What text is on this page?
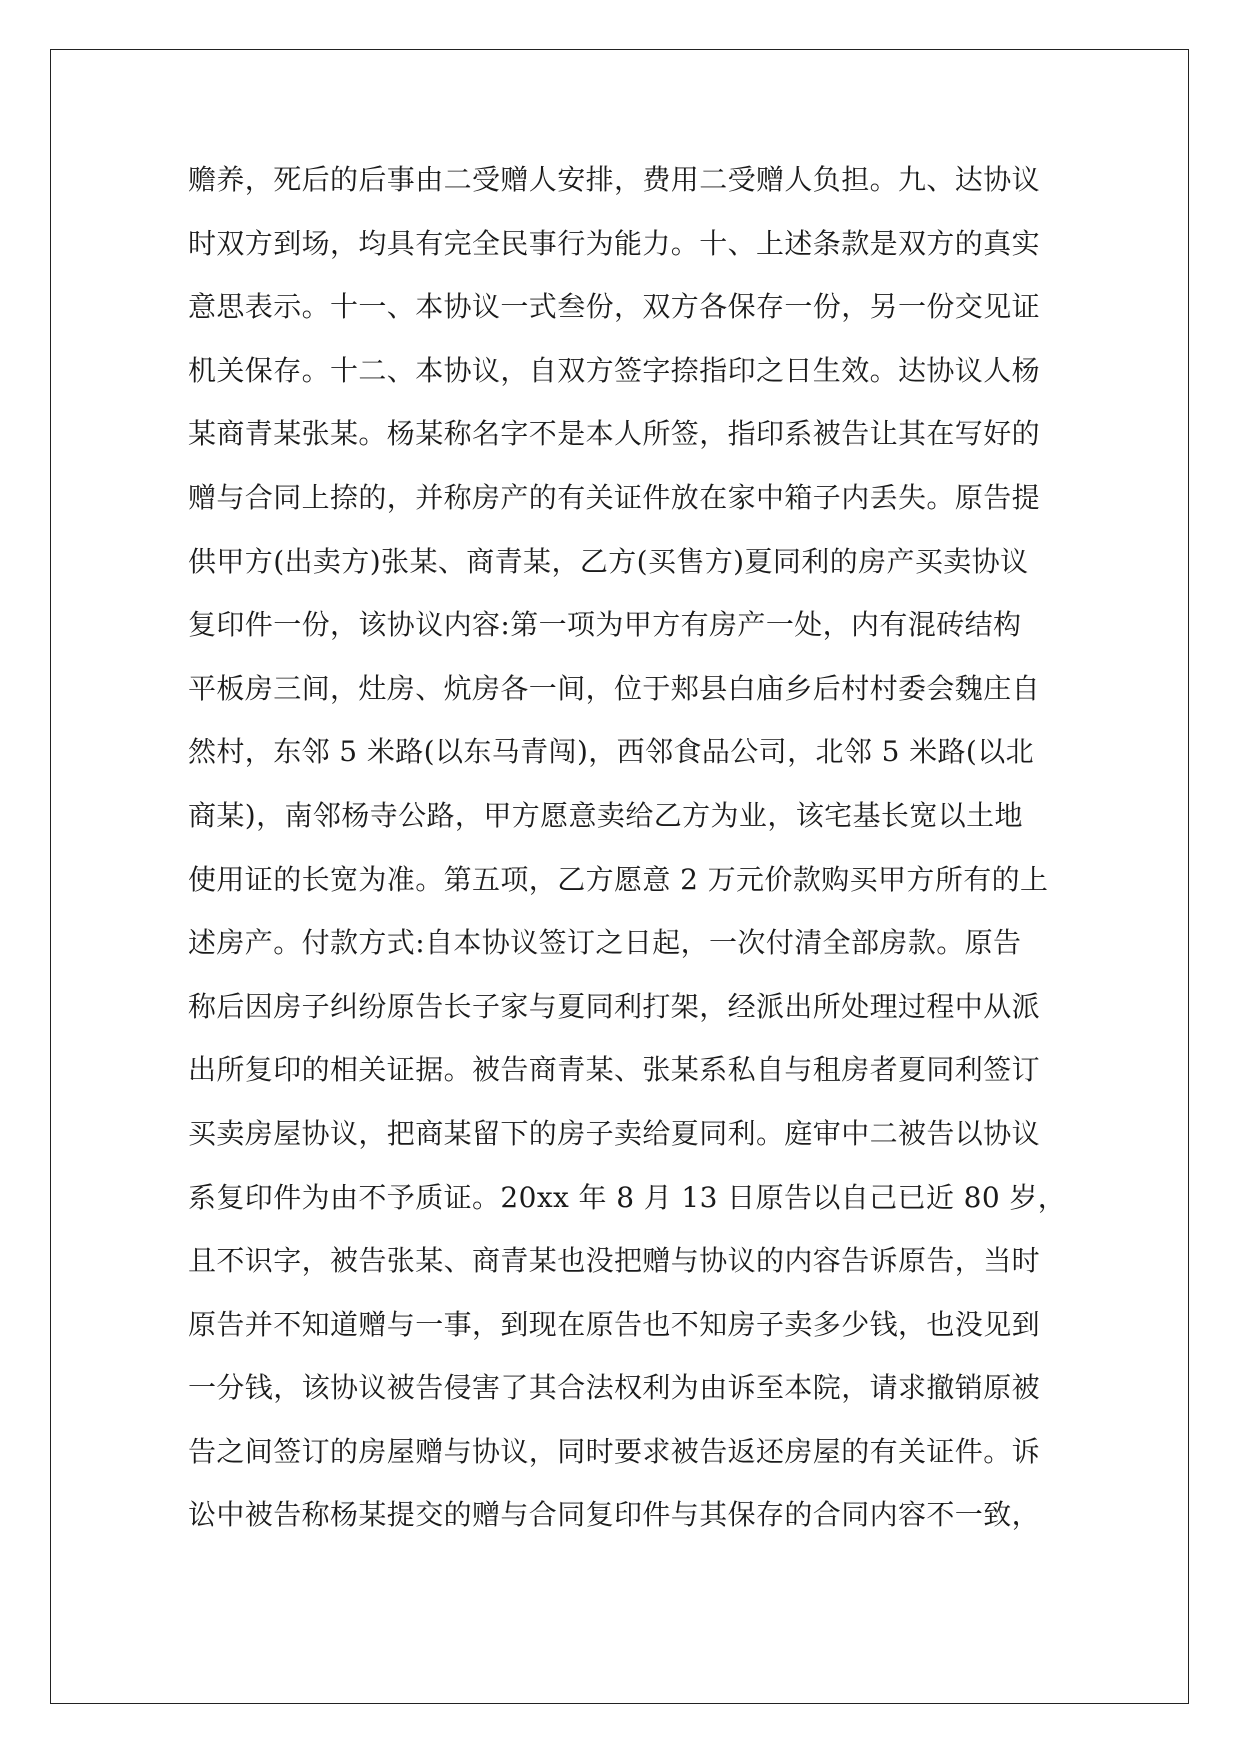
赡养，死后的后事由二受赠人安排，费用二受赠人负担。九、达协议
时双方到场，均具有完全民事行为能力。十、上述条款是双方的真实
意思表示。十一、本协议一式叁份，双方各保存一份，另一份交见证
机关保存。十二、本协议，自双方签字捺指印之日生效。达协议人杨
某商青某张某。杨某称名字不是本人所签，指印系被告让其在写好的
赠与合同上捺的，并称房产的有关证件放在家中箱子内丢失。原告提
供甲方(出卖方)张某、商青某，乙方(买售方)夏同利的房产买卖协议
复印件一份，该协议内容:第一项为甲方有房产一处，内有混砖结构
平板房三间，灶房、炕房各一间，位于郏县白庙乡后村村委会魏庄自
然村，东邻 5 米路(以东马青闯)，西邻食品公司，北邻 5 米路(以北
商某)，南邻杨寺公路，甲方愿意卖给乙方为业，该宅基长宽以土地
使用证的长宽为准。第五项，乙方愿意 2 万元价款购买甲方所有的上
述房产。付款方式:自本协议签订之日起，一次付清全部房款。原告
称后因房子纠纷原告长子家与夏同利打架，经派出所处理过程中从派
出所复印的相关证据。被告商青某、张某系私自与租房者夏同利签订
买卖房屋协议，把商某留下的房子卖给夏同利。庭审中二被告以协议
系复印件为由不予质证。20xx 年 8 月 13 日原告以自己已近 80 岁，
且不识字，被告张某、商青某也没把赠与协议的内容告诉原告，当时
原告并不知道赠与一事，到现在原告也不知房子卖多少钱，也没见到
一分钱，该协议被告侵害了其合法权利为由诉至本院，请求撤销原被
告之间签订的房屋赠与协议，同时要求被告返还房屋的有关证件。诉
讼中被告称杨某提交的赠与合同复印件与其保存的合同内容不一致，
